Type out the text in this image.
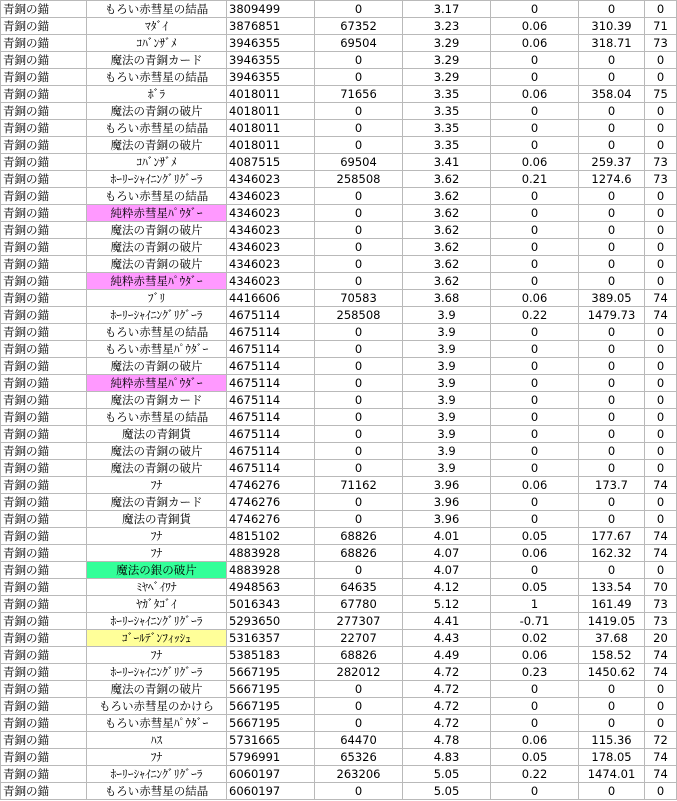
青銅の錨	もろい赤彗星の結晶	3809499	0	3.17	0	0	0
青銅の錨	ﾏﾀﾞｲ	3876851	67352	3.23	0.06	310.39	71
青銅の錨	ｺﾊﾞﾝｻﾞﾒ	3946355	69504	3.29	0.06	318.71	73
青銅の錨	魔法の青銅カード	3946355	0	3.29	0	0	0
青銅の錨	もろい赤彗星の結晶	3946355	0	3.29	0	0	0
青銅の錨	ﾎﾞﾗ	4018011	71656	3.35	0.06	358.04	75
青銅の錨	魔法の青銅の破片	4018011	0	3.35	0	0	0
青銅の錨	もろい赤彗星の結晶	4018011	0	3.35	0	0	0
青銅の錨	魔法の青銅の破片	4018011	0	3.35	0	0	0
青銅の錨	ｺﾊﾞﾝｻﾞﾒ	4087515	69504	3.41	0.06	259.37	73
青銅の錨	ﾎｰﾘｰｼｬｲﾆﾝｸﾞﾘｸﾞｰﾗ	4346023	258508	3.62	0.21	1274.6	73
青銅の錨	もろい赤彗星の結晶	4346023	0	3.62	0	0	0
青銅の錨	純粋赤彗星ﾊﾟｳﾀﾞｰ	4346023	0	3.62	0	0	0
青銅の錨	魔法の青銅の破片	4346023	0	3.62	0	0	0
青銅の錨	魔法の青銅の破片	4346023	0	3.62	0	0	0
青銅の錨	魔法の青銅の破片	4346023	0	3.62	0	0	0
青銅の錨	純粋赤彗星ﾊﾟｳﾀﾞｰ	4346023	0	3.62	0	0	0
青銅の錨	ﾌﾞﾘ	4416606	70583	3.68	0.06	389.05	74
青銅の錨	ﾎｰﾘｰｼｬｲﾆﾝｸﾞﾘｸﾞｰﾗ	4675114	258508	3.9	0.22	1479.73	74
青銅の錨	もろい赤彗星の結晶	4675114	0	3.9	0	0	0
青銅の錨	もろい赤彗星ﾊﾟｳﾀﾞｰ	4675114	0	3.9	0	0	0
青銅の錨	魔法の青銅の破片	4675114	0	3.9	0	0	0
青銅の錨	純粋赤彗星ﾊﾟｳﾀﾞｰ	4675114	0	3.9	0	0	0
青銅の錨	魔法の青銅カード	4675114	0	3.9	0	0	0
青銅の錨	もろい赤彗星の結晶	4675114	0	3.9	0	0	0
青銅の錨	魔法の青銅貨	4675114	0	3.9	0	0	0
青銅の錨	魔法の青銅の破片	4675114	0	3.9	0	0	0
青銅の錨	魔法の青銅の破片	4675114	0	3.9	0	0	0
青銅の錨	ﾌﾅ	4746276	71162	3.96	0.06	173.7	74
青銅の錨	魔法の青銅カード	4746276	0	3.96	0	0	0
青銅の錨	魔法の青銅貨	4746276	0	3.96	0	0	0
青銅の錨	ﾌﾅ	4815102	68826	4.01	0.05	177.67	74
青銅の錨	ﾌﾅ	4883928	68826	4.07	0.06	162.32	74
青銅の錨	魔法の銀の破片	4883928	0	4.07	0	0	0
青銅の錨	ﾐﾔﾍﾞｲﾜﾅ	4948563	64635	4.12	0.05	133.54	70
青銅の錨	ﾔｶﾞﾀｺﾞｲ	5016343	67780	5.12	1	161.49	73
青銅の錨	ﾎｰﾘｰｼｬｲﾆﾝｸﾞﾘｸﾞｰﾗ	5293650	277307	4.41	-0.71	1419.05	73
青銅の錨	ｺﾞｰﾙﾃﾞﾝﾌｨｯｼｭ	5316357	22707	4.43	0.02	37.68	20
青銅の錨	ﾌﾅ	5385183	68826	4.49	0.06	158.52	74
青銅の錨	ﾎｰﾘｰｼｬｲﾆﾝｸﾞﾘｸﾞｰﾗ	5667195	282012	4.72	0.23	1450.62	74
青銅の錨	魔法の青銅の破片	5667195	0	4.72	0	0	0
青銅の錨	もろい赤彗星のかけら	5667195	0	4.72	0	0	0
青銅の錨	もろい赤彗星ﾊﾟｳﾀﾞｰ	5667195	0	4.72	0	0	0
青銅の錨	ﾊｽ	5731665	64470	4.78	0.06	115.36	72
青銅の錨	ﾌﾅ	5796991	65326	4.83	0.05	178.05	74
青銅の錨	ﾎｰﾘｰｼｬｲﾆﾝｸﾞﾘｸﾞｰﾗ	6060197	263206	5.05	0.22	1474.01	74
青銅の錨	もろい赤彗星の結晶	6060197	0	5.05	0	0	0
